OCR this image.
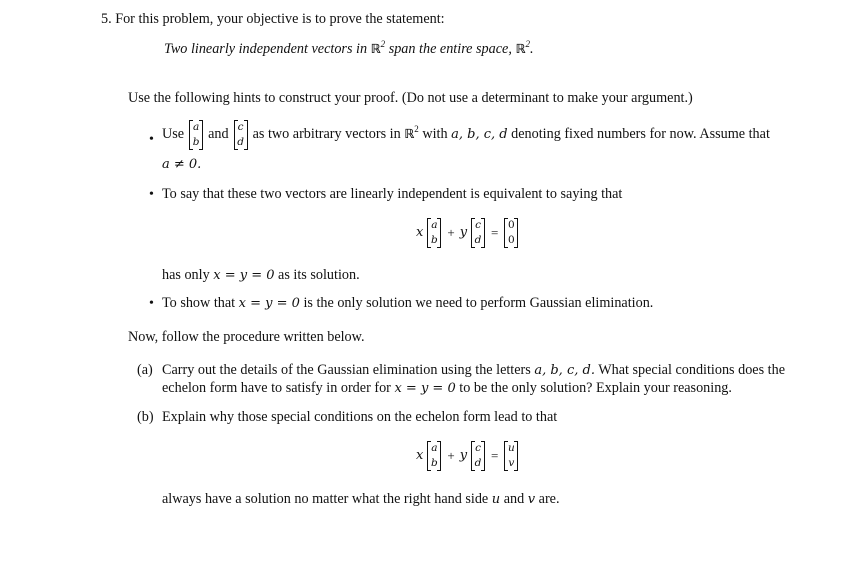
5. For this problem, your objective is to prove the statement:
Two linearly independent vectors in ℝ$^2$ span the entire space, ℝ$^2$.
Use the following hints to construct your proof. (Do not use a determinant to make your argument.)
• Use a
b and c
d as two arbitrary vectors in ℝ$^2$ with a, b, c, d denoting fixed numbers for now. Assume that
a ≠ 0.
• To say that these two vectors are linearly independent is equivalent to saying that
x a
b
+ y c
d
= 0
0
has only x = y = 0 as its solution.
• To show that x = y = 0 is the only solution we need to perform Gaussian elimination.
Now, follow the procedure written below.
(a) Carry out the details of the Gaussian elimination using the letters a, b, c, d. What special conditions does the
echelon form have to satisfy in order for x = y = 0 to be the only solution? Explain your reasoning.
(b) Explain why those special conditions on the echelon form lead to that
x a
b
+ y c
d
= u
v
always have a solution no matter what the right hand side u and v are.
